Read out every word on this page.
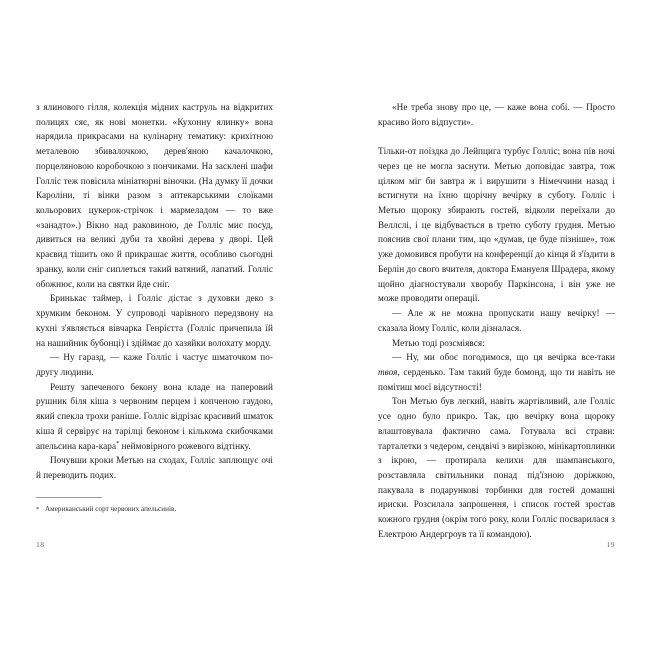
з ялинового гілля, колекція мідних каструль на відкритих полицях сяє, як нові монетки. «Кухонну ялинку» вона нарядила прикрасами на кулінарну тематику: крихітною металевою збивалочкою, дерев'яною качалочкою, порцеляновою коробочкою з пончиками. На засклені шафи Голліс теж повісила мініатюрні віночки. (На думку її дочки Кароліни, ті вінки разом з аптекарськими слоїками кольорових цукерок-стрічок і мармеладом — то вже «занадто».) Вікно над раковиною, де Голліс миє посуд, дивиться на великі дуби та хвойні дерева у дворі. Цей краєвид тішить око й прикрашає життя, особливо сьогодні зранку, коли сніг сиплеться такий ватяний, лапатий. Голліс обожнює, коли на святки йде сніг.

Бринькає таймер, і Голліс дістає з духовки деко з хрумким беконом. У супроводі чарівного передзвону на кухні з'являється вівчарка Генрієтта (Голліс причепила їй на нашийник бубонці) і здіймає до хазяйки волохату морду.

— Ну гаразд, — каже Голліс і частує шматочком по-другу людини.

Решту запеченого бекону вона кладе на паперовий рушник біля кіша з червоним перцем і копченою гаудою, який спекла трохи раніше. Голліс відрізає красивий шматок кіша й сервірує на тарілці беконом і кількома скибочками апельсина кара-кара* неймовірного рожевого відтінку.

Почувши кроки Метью на сходах, Голліс заплющує очі й переводить подих.

* Американський сорт червоних апельсинів.
18

«Не треба знову про це, — каже вона собі. — Просто красиво його відпусти».

Тільки-от поїздка до Лейпцига турбує Голліс; вона пів ночі через це не могла заснути. Метью доповідає завтра, тож цілком міг би завтра ж і вирушити з Німеччини назад і встигнути на їхню щорічну вечірку в суботу. Голліс і Метью щороку збирають гостей, відколи переїхали до Веллслі, і це відбувається в третю суботу грудня. Метью пояснив свої плани тим, що «думав, це буде пізніше», тож уже домовився пробути на конференції до кінця й з'їздити в Берлін до свого вчителя, доктора Емануеля Шрадера, якому щойно діагностували хворобу Паркінсона, і він уже не може проводити операції.

— Але ж не можна пропускати нашу вечірку! — сказала йому Голліс, коли дізналася.

Метью тоді розсміявся:

— Ну, ми обоє погодимося, що ця вечірка все-таки твоя, серденько. Там такий буде бомонд, що ти навіть не помітиш моєї відсутності!

Тон Метью був легкий, навіть жартівливий, але Голліс усе одно було прикро. Так, цю вечірку вона щороку влаштовувала фактично сама. Готувала всі страви: тарталетки з чедером, сендвічі з вирізкою, мінікартоплинки з ікрою, — протирала келихи для шампанського, розставляла світильники понад під'їзною доріжкою, пакувала в подарункові торбинки для гостей домашні ириски. Розсилала запрошення, і список гостей зростав кожного грудня (окрім того року, коли Голліс посварилася з Електрою Андергроув та її командою).

19
